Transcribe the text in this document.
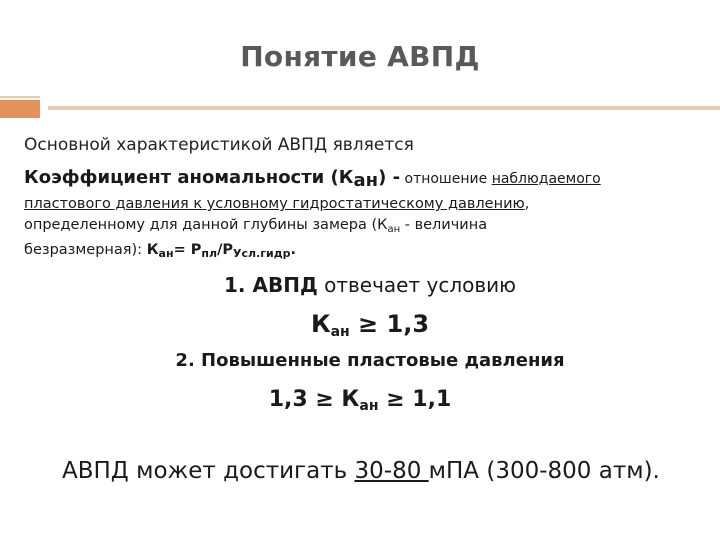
Понятие АВПД
Основной характеристикой АВПД является
Коэффициент аномальности (Кан) - отношение наблюдаемого
пластового давления к условному гидростатическому давлению,
определенному для данной глубины замера ($К_{ан}$ - величина
безразмерная): $К_{ан}= Р_{пл}/Р_{Усл.гидр}$.
1. АВПД отвечает условию
Кан ≥ 1,3
2. Повышенные пластовые давления
1,3 ≥ Кан ≥ 1,1
АВПД может достигать 30-80 мПА (300-800 атм).
